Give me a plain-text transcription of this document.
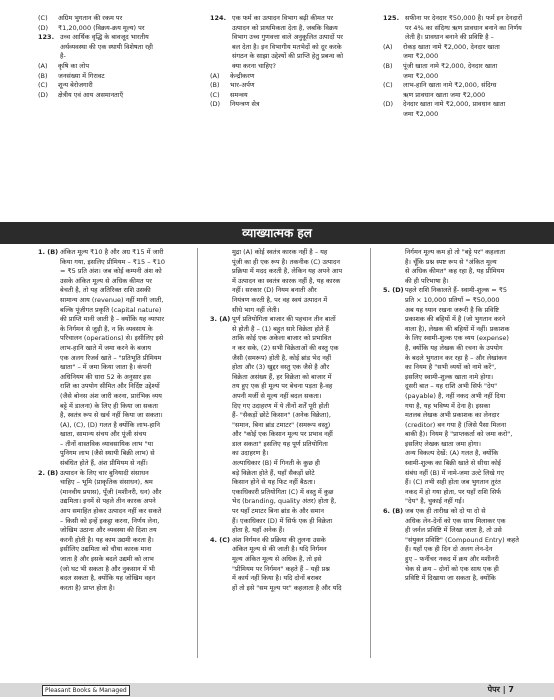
(C)	अग्रिम भुगतान की रकम पर
(D)	₹1,20,000 (विक्रय-क्रय मूल्य) पर
123. उच्च आर्थिक वृद्धि के बावजूद भारतीय
अर्थव्यवस्था की एक स्थायी विशेषता रही
है-
(A)	कृषि का लोप
(B)	जनसंख्या में गिरावट
(C)	शून्य बेरोजगारी
(D)	क्षेत्रीय एवं आय असमानताएँ
124. एक फर्म का उत्पादन विभाग बढ़ी कीमत पर
उत्पादन को प्राथमिकता देता है, जबकि विक्रय
विभाग उच्च गुणवत्ता वाले अनुकूलित उत्पादों पर
बल देता है। इन विभागीय मतभेदों को दूर करके
संगठन के साझा उद्देश्यों की प्राप्ति हेतु प्रबन्ध को
क्या करना चाहिए?
(A)	केन्द्रीकरण
(B)	भार-अर्पण
(C)	समन्वय
(D)	नियन्त्रण सेत्र
125. सफीना पर देनदार ₹50,000 है। फर्म इन देनदारों
पर 4% का संदिग्ध ऋण प्रावधान बनाने का निर्णय
लेती है। प्रावधान बनाने की प्रविष्टि है –
(A)	रोकड़ खाता नामे ₹2,000, देनदार खाता
जमा ₹2,000
(B)	पूंजी खाता नामे ₹2,000, देनदार खाता
जमा ₹2,000
(C)	लाभ-हानि खाता नामे ₹2,000, संदिग्ध
ऋण प्रावधान खाता जमा ₹2,000
(D)	देनदार खाता नामे ₹2,000, प्रावधान खाता
जमा ₹2,000
व्याख्यात्मक हल
1. (B) अंकित मूल्य ₹10 है और अग्र ₹15 में जारी
किया गया, इसलिए प्रीमियम – ₹15 – ₹10
= ₹5 प्रति अंश। जब कोई कम्पनी अंश को
उसके अंकित मूल्य से अधिक कीमत पर
बेचती है, तो यह अतिरिक्त राशि उसकी
सामान्य आय (revenue) नहीं मानी जाती,
बल्कि पूंजीगत प्रकृति (capital nature)
की प्राप्ति मानी जाती है – क्योंकि यह व्यापार
के निर्गमन से जुड़ी है, न कि व्यवसाय के
परिचालन (operations) से। इसीलिए इसे
लाभ-हानि खाते में जमा करने के बजाय
एक अलग रिजर्व खाते – "प्रतिभूति प्रीमियम
खाता" – में जमा किया जाता है। कंपनी
अधिनियम की धारा 52 के अनुसार इस
राशि का उपयोग सीमित और निर्दिष्ट उद्देश्यों
(जैसे बोनस अंश जारी करना, प्रारंभिक व्यय
बट्टे में डालना) के लिए ही किया जा सकता
है, स्वतंत्र रूप से खर्च नहीं किया जा सकता।
(A), (C), (D) गलत है क्योंकि लाभ-हानि
खाता, सामान्य संचय और पूंजी संचय
– तीनों वास्तविक व्यावसायिक लाभ "या
पुनिगम लाभ (जैसे स्थायी बिक्री लाभ) से
संबंधित होते हैं, अंश प्रीमियम से नहीं।
2. (B) उत्पादन के लिए चार बुनियादी संसाधन
चाहिए – भूमि (प्राकृतिक संसाधन), श्रम
(मानवीय प्रयास), पूँजी (मशीनरी, धन) और
उद्यमिता। इनमें से पहले तीन कारक अपने
आप समाहित होकर उत्पादन नहीं कर सकते
– किसी को इन्हें इकट्ठा करना, निर्णय लेना,
जोखिम उठाना और व्यवस्था की दिशा तय
करनी होती है। यह काम उद्यमी करता है।
इसीलिए उद्यमिता को चौथा कारक माना
जाता है और इसके बदले उद्यमी को लाभ
(जो घट भी सकता है और नुकसान में भी
बदल सकता है, क्योंकि यह जोखिम वहन
करता है) प्राप्त होता है।
मुद्रा (A) कोई स्वतंत्र कारक नहीं है – यह
पूंजी का ही एक रूप है। तकनीक (C) उत्पादन
प्रक्रिया में मदद करती है, लेकिन यह अपने आप
में उत्पादन का स्वतंत्र कारक नहीं है, यह कारक
नहीं। सरकार (D) नियम बनाती और
नियंत्रण करती है, पर वह स्वयं उत्पादन में
सीधे भाग नहीं लेती।
3. (A) पूर्ण प्रतियोगिता बाजार की पहचान तीन बातों
से होती है – (1) बहुत सारे विक्रेता होते हैं
ताकि कोई एक अकेला बाजार को प्रभावित
न कर सके, (2) सभी विक्रेताओं की वस्तु एक
जैसी (समरूप) होती है, कोई ब्रांड भेद नहीं
होता और (3) खुद्दर वस्तु एक जैसे है और
विक्रेता असंख्य हैं, हर विक्रेता को बाजार में
तय हुए एक ही मूल्य पर बेचना पड़ता है-वह
अपनी मर्जी से मूल्य नहीं बदल सकता।
दिए गए उदाहरण में ये तीनों शर्तें पूरी होती
हैं- "सैकड़ों छोटे किसान" (अनेक विक्रेता),
"समान, बिना ब्रांड टमाटर" (समरूप वस्तु)
और "कोई एक किसान मूल्य पर प्रभाव नहीं
डाल सकता" इसलिए यह पूर्ण प्रतियोगिता
का उदाहरण है।
अल्पाधिकार (B) में गिनती के कुछ ही
बड़े विक्रेता होते हैं, यहाँ सैकड़ों छोटे
किसान होने से यह फिट नहीं बैठता।
एकाधिकारी प्रतियोगिता (C) में वस्तु में कुछ
भेद (branding, quality अंतर) होता है,
पर यहाँ टमाटर बिना ब्रांड के और समान
हैं। एकाधिकार (D) में सिर्फ एक ही विक्रेता
होता है, यहाँ अनेक हैं।
4. (C) अंश निर्गमन की प्रक्रिया की तुलना उसके
अंकित मूल्य से की जाती है। यदि निर्गमन
मूल्य अंकित मूल्य से अधिक है, तो इसे
"प्रीमियम पर निर्गमन" कहते हैं – यही प्रश्न
में कार्य नहीं किया है। यदि दोनों बराबर
हों तो इसे "सम मूल्य पर" कहलाता है और यदि
निर्गमन मूल्य कम हो तो "बट्टे पर" कहलाता
है। चूँकि प्रश्न स्पष्ट रूप से "अंकित मूल्य
से अधिक कीमत" कह रहा है, यह प्रीमियम
की ही परिभाषा है।
5. (D) पहले राशि निकालते हैं- स्वामी-शुल्क = ₹5
प्रति × 10,000 प्रतियाँ = ₹50,000
अब यह ध्यान रखना जरूरी है कि प्रविष्टि
प्रकाशक की बहियों में है (जो भुगतान करने
वाला है), लेखक की बहियों में नहीं। प्रकाशक
के लिए स्वामी-शुल्क एक व्यय (expense)
है, क्योंकि यह लेखक की रचना के उपयोग
के बदले भुगतान कर रहा है – और लेखांकन
का नियम है "सभी व्ययों को नामे करें",
इसलिए स्वामी-शुल्क खाता नामे होगा।
दूसरी बात – यह राशि अभी सिर्फ "देय"
(payable) है, नहीं नकद अभी नहीं दिया
गया है, यह भविष्य में देना है। इसका
मतलब लेखक अभी प्रकाशक का लेनदार
(creditor) बन गया है (जिसे पैसा मिलना
बाकी है)। नियम है "प्राप्तकर्ता को जमा करो",
इसलिए लेखक खाता जमा होगा।
अन्य विकल्प देखें: (A) गलत है, क्योंकि
स्वामी-शुल्क का बिक्री खाते से सीधा कोई
संबंध नहीं (B) में नामे-जमा उल्टे लिखे गए
हैं। (C) तभी सही होता जब भुगतान तुरंत
नकद में हो गया होता, पर यहाँ राशि सिर्फ
"देय" है, चुकाई नहीं गई।
6. (B) जब एक ही तारीख को दो या दो से
अधिक लेन-देनों को एक साथ मिलाकर एक
ही जर्नल प्रविष्टि में लिखा जाता है, तो उसे
"संयुक्त प्रविष्टि" (Compound Entry) कहते
हैं। यहाँ एक ही दिन दो अलग लेन-देन
हुए – फर्नीचर नकद में क्रय और मशीनरी
चेक से क्रय – दोनों को एक साथ एक ही
प्रविष्टि में दिखाया जा सकता है, क्योंकि
Pleasant Books & Managed	पेपर | 7
